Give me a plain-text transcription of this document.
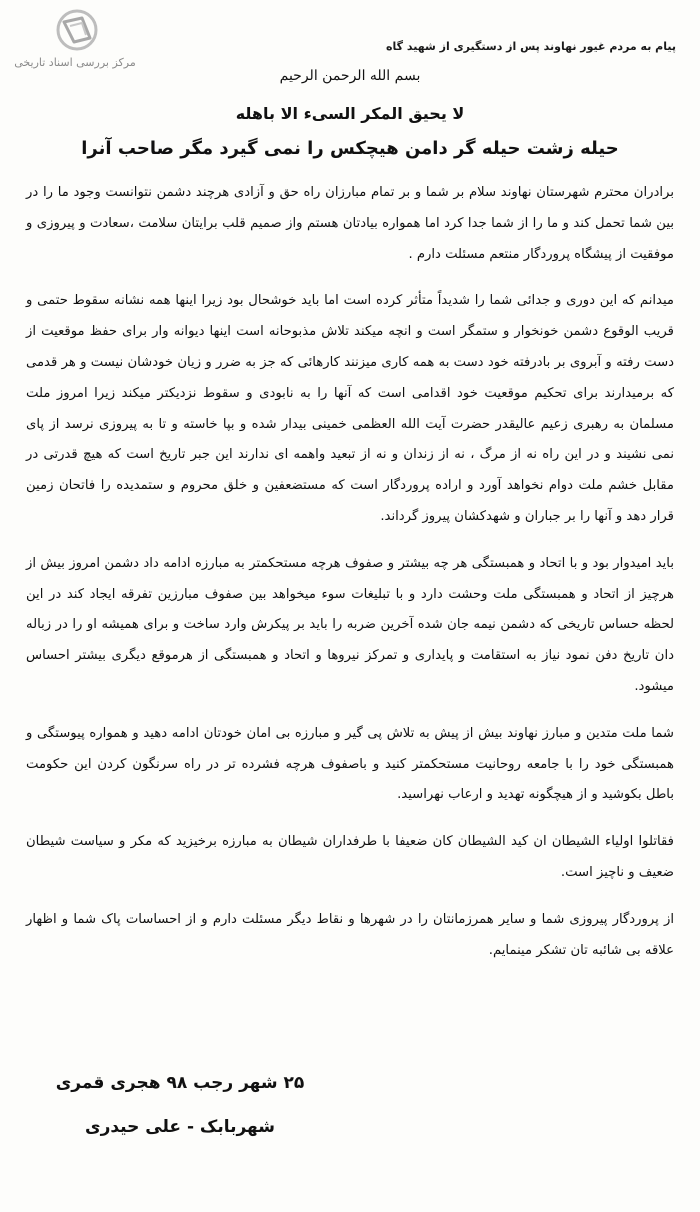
مرکز بررسی اسناد تاریخی
پیام به مردم غیور نهاوند پس از دستگیری از شهید گاه
بسم الله الرحمن الرحیم
لا یحیق المکر السیء الا باهله
حیله زشت حیله گر دامن هیچکس را نمی گیرد مگر صاحب آنرا

برادران محترم شهرستان نهاوند سلام بر شما و بر تمام مبارزان راه حق و آزادی هرچند دشمن نتوانست وجود ما را در بین شما تحمل کند و ما را از شما جدا کرد اما همواره بیادتان هستم واز صمیم قلب برایتان سلامت ،سعادت و پیروزی و موفقیت از پیشگاه پروردگار منتعم مسئلت دارم .

میدانم که این دوری و جدائی شما را شدیداً متأثر کرده است اما باید خوشحال بود زیرا اینها همه نشانه سقوط حتمی و قریب الوقوع دشمن خونخوار و ستمگر است و انچه میکند تلاش مذبوحانه است اینها دیوانه وار برای حفظ موقعیت از دست رفته و آبروی بر بادرفته خود دست به همه کاری میزنند کارهائی که جز به ضرر و زیان خودشان نیست و هر قدمی که برمیدارند برای تحکیم موقعیت خود اقدامی است که آنها را به نابودی و سقوط نزدیکتر میکند زیرا امروز ملت مسلمان به رهبری زعیم عالیقدر حضرت آیت الله العظمی خمینی بیدار شده و بپا خاسته و تا به پیروزی نرسد از پای نمی نشیند و در این راه نه از مرگ ، نه از زندان و نه از تبعید واهمه ای ندارند این جبر تاریخ است که هیچ قدرتی در مقابل خشم ملت دوام نخواهد آورد و اراده پروردگار است که مستضعفین و خلق محروم و ستمدیده را فاتحان زمین قرار دهد و آنها را بر جباران و شهدکشان پیروز گرداند.

باید امیدوار بود و با اتحاد و همبستگی هر چه بیشتر و صفوف هرچه مستحکمتر به مبارزه ادامه داد دشمن امروز بیش از هرچیز از اتحاد و همبستگی ملت وحشت دارد و با تبلیغات سوء میخواهد بین صفوف مبارزین تفرقه ایجاد کند در این لحظه حساس تاریخی که دشمن نیمه جان شده آخرین ضربه را باید بر پیکرش وارد ساخت و برای همیشه او را در زباله دان تاریخ دفن نمود نیاز به استقامت و پایداری و تمرکز نیروها و اتحاد و همبستگی از هرموقع دیگری بیشتر احساس میشود.

شما ملت متدین و مبارز نهاوند بیش از پیش به تلاش پی گیر و مبارزه بی امان خودتان ادامه دهید و همواره پیوستگی و همبستگی خود را با جامعه روحانیت مستحکمتر کنید و باصفوف هرچه فشرده تر در راه سرنگون کردن این حکومت باطل بکوشید و از هیچگونه تهدید و ارعاب نهراسید.

فقاتلوا اولیاء الشیطان ان کید الشیطان کان ضعیفا با طرفداران شیطان به مبارزه برخیزید که مکر و سیاست شیطان ضعیف و ناچیز است.

از پروردگار پیروزی شما و سایر همرزمانتان را در شهرها و نقاط دیگر مسئلت دارم و از احساسات پاک شما و اظهار علاقه بی شائبه تان تشکر مینمایم.

۲۵ شهر رجب ۹۸ هجری قمری
شهربابک - علی حیدری
